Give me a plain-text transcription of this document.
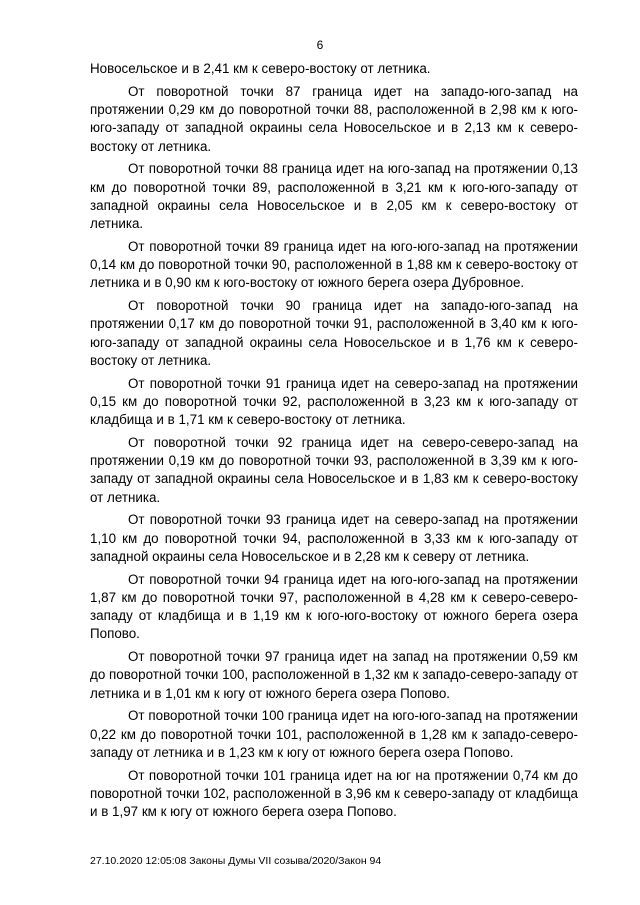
6

Новосельское и в 2,41 км к северо-востоку от летника.

От поворотной точки 87 граница идет на западо-юго-запад на протяжении 0,29 км до поворотной точки 88, расположенной в 2,98 км к юго-юго-западу от западной окраины села Новосельское и в 2,13 км к северо-востоку от летника.

От поворотной точки 88 граница идет на юго-запад на протяжении 0,13 км до поворотной точки 89, расположенной в 3,21 км к юго-юго-западу от западной окраины села Новосельское и в 2,05 км к северо-востоку от летника.

От поворотной точки 89 граница идет на юго-юго-запад на протяжении 0,14 км до поворотной точки 90, расположенной в 1,88 км к северо-востоку от летника и в 0,90 км к юго-востоку от южного берега озера Дубровное.

От поворотной точки 90 граница идет на западо-юго-запад на протяжении 0,17 км до поворотной точки 91, расположенной в 3,40 км к юго-юго-западу от западной окраины села Новосельское и в 1,76 км к северо-востоку от летника.

От поворотной точки 91 граница идет на северо-запад на протяжении 0,15 км до поворотной точки 92, расположенной в 3,23 км к юго-западу от кладбища и в 1,71 км к северо-востоку от летника.

От поворотной точки 92 граница идет на северо-северо-запад на протяжении 0,19 км до поворотной точки 93, расположенной в 3,39 км к юго-западу от западной окраины села Новосельское и в 1,83 км к северо-востоку от летника.

От поворотной точки 93 граница идет на северо-запад на протяжении 1,10 км до поворотной точки 94, расположенной в 3,33 км к юго-западу от западной окраины села Новосельское и в 2,28 км к северу от летника.

От поворотной точки 94 граница идет на юго-юго-запад на протяжении 1,87 км до поворотной точки 97, расположенной в 4,28 км к северо-северо-западу от кладбища и в 1,19 км к юго-юго-востоку от южного берега озера Попово.

От поворотной точки 97 граница идет на запад на протяжении 0,59 км до поворотной точки 100, расположенной в 1,32 км к западо-северо-западу от летника и в 1,01 км к югу от южного берега озера Попово.

От поворотной точки 100 граница идет на юго-юго-запад на протяжении 0,22 км до поворотной точки 101, расположенной в 1,28 км к западо-северо-западу от летника и в 1,23 км к югу от южного берега озера Попово.

От поворотной точки 101 граница идет на юг на протяжении 0,74 км до поворотной точки 102, расположенной в 3,96 км к северо-западу от кладбища и в 1,97 км к югу от южного берега озера Попово.

27.10.2020 12:05:08 Законы Думы VII созыва/2020/Закон 94
